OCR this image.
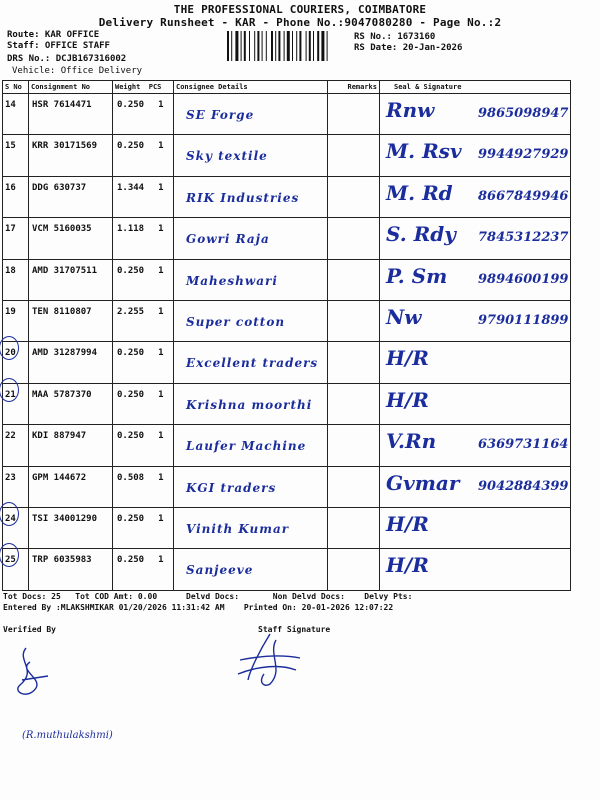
THE PROFESSIONAL COURIERS, COIMBATORE
Delivery Runsheet - KAR - Phone No.:9047080280 - Page No.:2
Route: KAR OFFICE
Staff: OFFICE STAFF
DRS No.: DCJB167316002
Vehicle: Office Delivery
RS No.: 1673160
RS Date: 20-Jan-2026
S No	Consignment No	Weight PCS	Consignee Details	Remarks	Seal & Signature

14	HSR 7614471	0.250 1	SE Forge		Rnw 9865098947

15	KRR 30171569	0.250 1	Sky textile		M. Rsv 9944927929

16	DDG 630737	1.344 1	RIK Industries		M. Rd 8667849946

17	VCM 5160035	1.118 1	Gowri Raja		S. Rdy 7845312237

18	AMD 31707511	0.250 1	Maheshwari		P. Sm 9894600199

19	TEN 8110807	2.255 1	Super cotton		Nw 9790111899

20	AMD 31287994	0.250 1	Excellent traders		H/R

21	MAA 5787370	0.250 1	Krishna moorthi		H/R

22	KDI 887947	0.250 1	Laufer Machine		V.Rn 6369731164

23	GPM 144672	0.508 1	KGI traders		Gvmar 9042884399

24	TSI 34001290	0.250 1	Vinith Kumar		H/R

25	TRP 6035983	0.250 1	Sanjeeve		H/R
Tot Docs: 25 Tot COD Amt: 0.00	Delvd Docs:	Non Delvd Docs: Delvy Pts:
Entered By :MLAKSHMIKAR 01/20/2026 11:31:42 AM Printed On: 20-01-2026 12:07:22
Verified By	Staff Signature
(R.muthulakshmi)
